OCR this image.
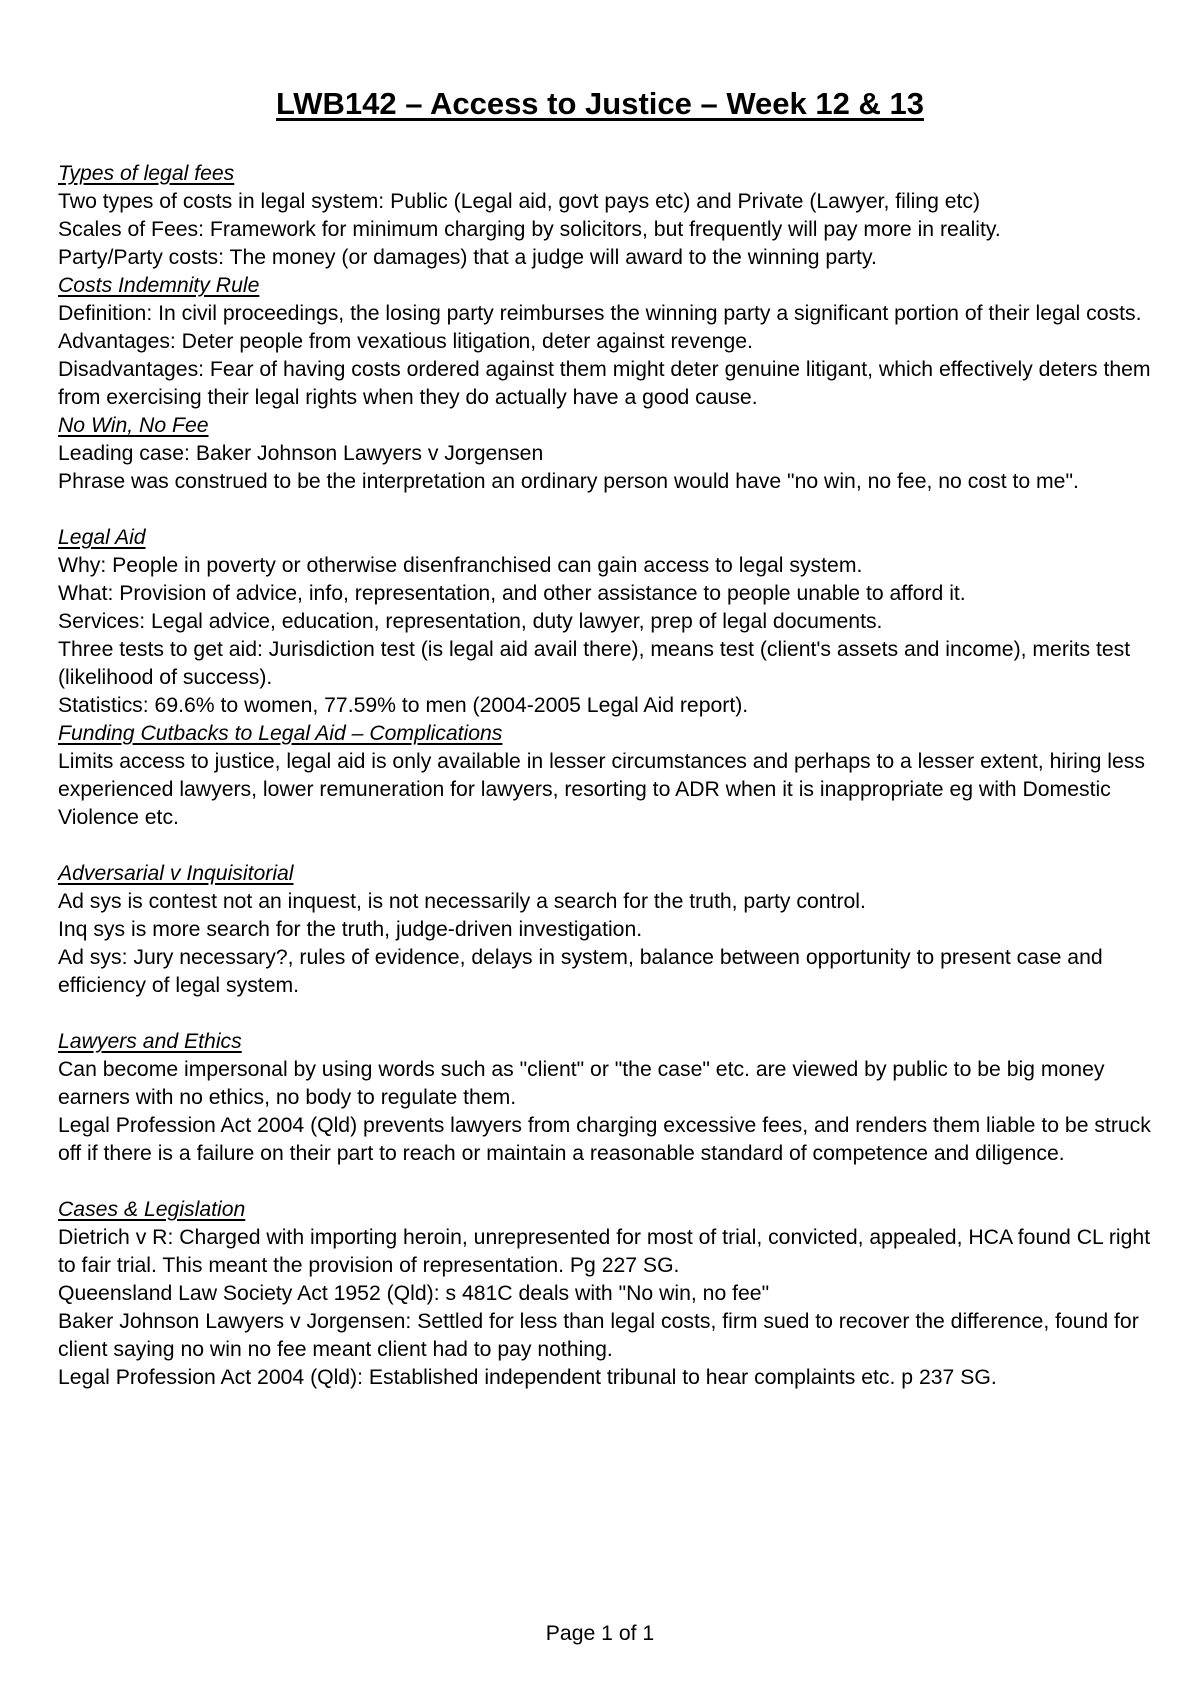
LWB142 – Access to Justice – Week 12 & 13

Types of legal fees

Two types of costs in legal system: Public (Legal aid, govt pays etc) and Private (Lawyer, filing etc)

Scales of Fees: Framework for minimum charging by solicitors, but frequently will pay more in reality.

Party/Party costs: The money (or damages) that a judge will award to the winning party.

Costs Indemnity Rule

Definition: In civil proceedings, the losing party reimburses the winning party a significant portion of their legal costs.

Advantages: Deter people from vexatious litigation, deter against revenge.

Disadvantages: Fear of having costs ordered against them might deter genuine litigant, which effectively deters them from exercising their legal rights when they do actually have a good cause.

No Win, No Fee

Leading case: Baker Johnson Lawyers v Jorgensen

Phrase was construed to be the interpretation an ordinary person would have "no win, no fee, no cost to me".

Legal Aid

Why: People in poverty or otherwise disenfranchised can gain access to legal system.

What: Provision of advice, info, representation, and other assistance to people unable to afford it.

Services: Legal advice, education, representation, duty lawyer, prep of legal documents.

Three tests to get aid: Jurisdiction test (is legal aid avail there), means test (client's assets and income), merits test (likelihood of success).

Statistics: 69.6% to women, 77.59% to men (2004-2005 Legal Aid report).

Funding Cutbacks to Legal Aid – Complications

Limits access to justice, legal aid is only available in lesser circumstances and perhaps to a lesser extent, hiring less experienced lawyers, lower remuneration for lawyers, resorting to ADR when it is inappropriate eg with Domestic Violence etc.

Adversarial v Inquisitorial

Ad sys is contest not an inquest, is not necessarily a search for the truth, party control.

Inq sys is more search for the truth, judge-driven investigation.

Ad sys: Jury necessary?, rules of evidence, delays in system, balance between opportunity to present case and efficiency of legal system.

Lawyers and Ethics

Can become impersonal by using words such as "client" or "the case" etc. are viewed by public to be big money earners with no ethics, no body to regulate them.

Legal Profession Act 2004 (Qld) prevents lawyers from charging excessive fees, and renders them liable to be struck off if there is a failure on their part to reach or maintain a reasonable standard of competence and diligence.

Cases & Legislation

Dietrich v R: Charged with importing heroin, unrepresented for most of trial, convicted, appealed, HCA found CL right to fair trial. This meant the provision of representation. Pg 227 SG.

Queensland Law Society Act 1952 (Qld): s 481C deals with "No win, no fee"

Baker Johnson Lawyers v Jorgensen: Settled for less than legal costs, firm sued to recover the difference, found for client saying no win no fee meant client had to pay nothing.

Legal Profession Act 2004 (Qld): Established independent tribunal to hear complaints etc. p 237 SG.

Page 1 of 1
